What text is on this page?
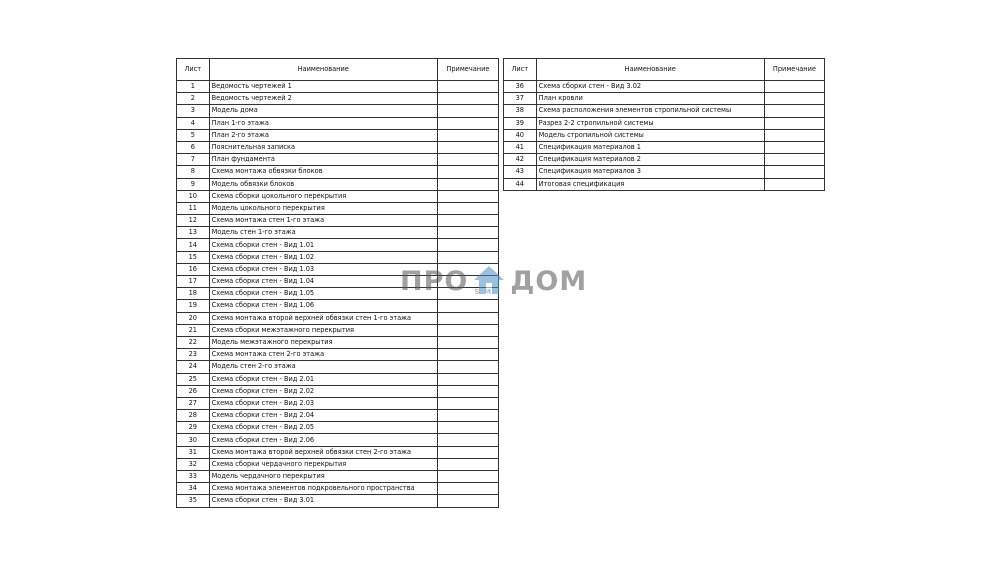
Лист	Наименование	Примечание
1	Ведомость чертежей 1	
2	Ведомость чертежей 2	
3	Модель дома	
4	План 1-го этажа	
5	План 2-го этажа	
6	Пояснительная записка	
7	План фундамента	
8	Схема монтажа обвязки блоков	
9	Модель обвязки блоков	
10	Схема сборки цокольного перекрытия	
11	Модель цокольного перекрытия	
12	Схема монтажа стен 1-го этажа	
13	Модель стен 1-го этажа	
14	Схема сборки стен - Вид 1.01	
15	Схема сборки стен - Вид 1.02	
16	Схема сборки стен - Вид 1.03	
17	Схема сборки стен - Вид 1.04	
18	Схема сборки стен - Вид 1.05	
19	Схема сборки стен - Вид 1.06	
20	Схема монтажа второй верхней обвязки стен 1-го этажа	
21	Схема сборки межэтажного перекрытия	
22	Модель межэтажного перекрытия	
23	Схема монтажа стен 2-го этажа	
24	Модель стен 2-го этажа	
25	Схема сборки стен - Вид 2.01	
26	Схема сборки стен - Вид 2.02	
27	Схема сборки стен - Вид 2.03	
28	Схема сборки стен - Вид 2.04	
29	Схема сборки стен - Вид 2.05	
30	Схема сборки стен - Вид 2.06	
31	Схема монтажа второй верхней обвязки стен 2-го этажа	
32	Схема сборки чердачного перекрытия	
33	Модель чердачного перекрытия	
34	Схема монтажа элементов подкровельного пространства	
35	Схема сборки стен - Вид 3.01	
Лист	Наименование	Примечание
36	Схема сборки стен - Вид 3.02	
37	План кровли	
38	Схема расположения элементов стропильной системы	
39	Разрез 2-2 стропильной системы	
40	Модель стропильной системы	
41	Спецификация материалов 1	
42	Спецификация материалов 2	
43	Спецификация материалов 3	
44	Итоговая спецификация	
ПРО SEM ДОМ
